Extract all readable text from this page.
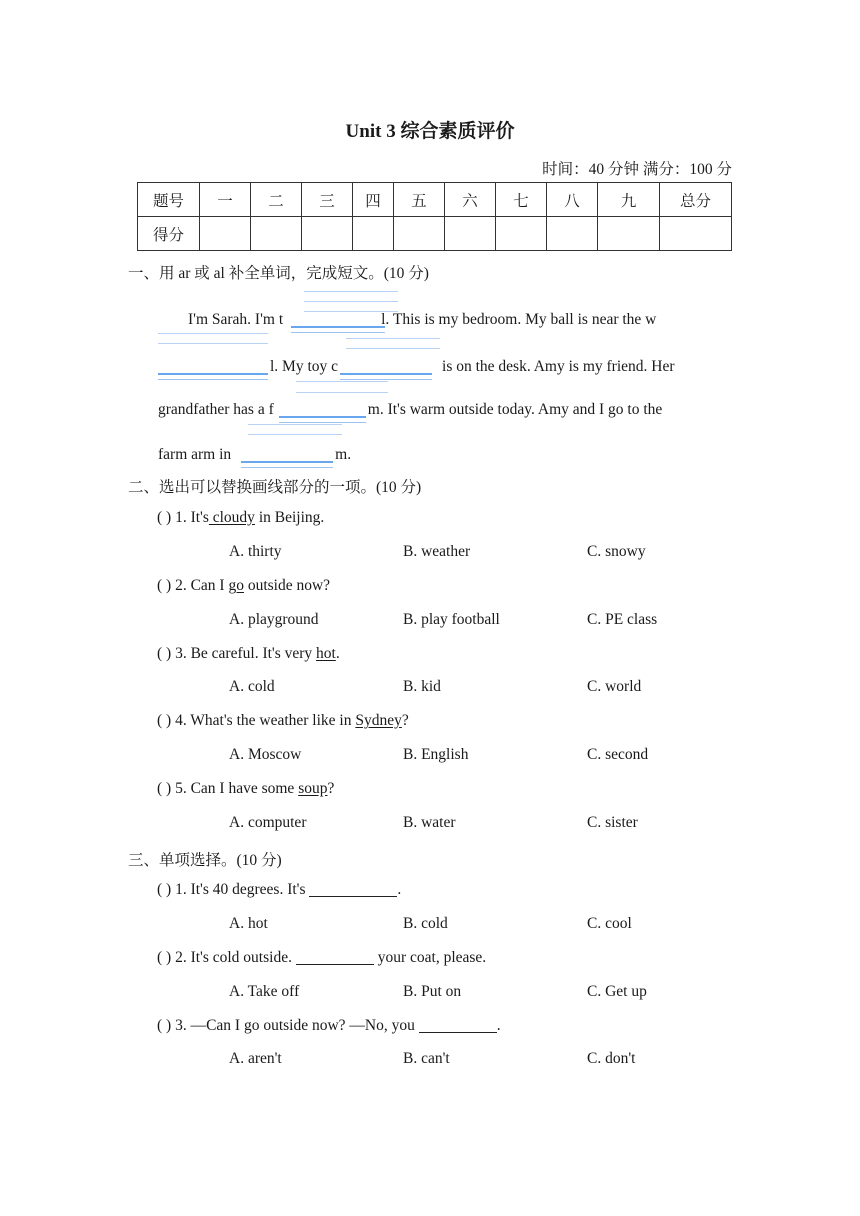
Unit 3 综合素质评价
时间：40 分钟 满分：100 分
题号	一	二	三	四	五	六	七	八	九	总分
得分										
一、用 ar 或 al 补全单词，完成短文。(10 分)
I'm Sarah. I'm t	l. This is my bedroom. My ball is near the w
l. My toy c	is on the desk. Amy is my friend. Her
grandfather has a f	m. It's warm outside today. Amy and I go to the
farm arm in	m.
二、选出可以替换画线部分的一项。(10 分)
( ) 1. It's cloudy in Beijing.
A. thirty	B. weather	C. snowy
( ) 2. Can I go outside now?
A. playground	B. play football	C. PE class
( ) 3. Be careful. It's very hot.
A. cold	B. kid	C. world
( ) 4. What's the weather like in Sydney?
A. Moscow	B. English	C. second
( ) 5. Can I have some soup?
A. computer	B. water	C. sister
三、单项选择。(10 分)
( ) 1. It's 40 degrees. It's	.
A. hot	B. cold	C. cool
( ) 2. It's cold outside.	your coat, please.
A. Take off	B. Put on	C. Get up
( ) 3. —Can I go outside now? —No, you	.
A. aren't	B. can't	C. don't
